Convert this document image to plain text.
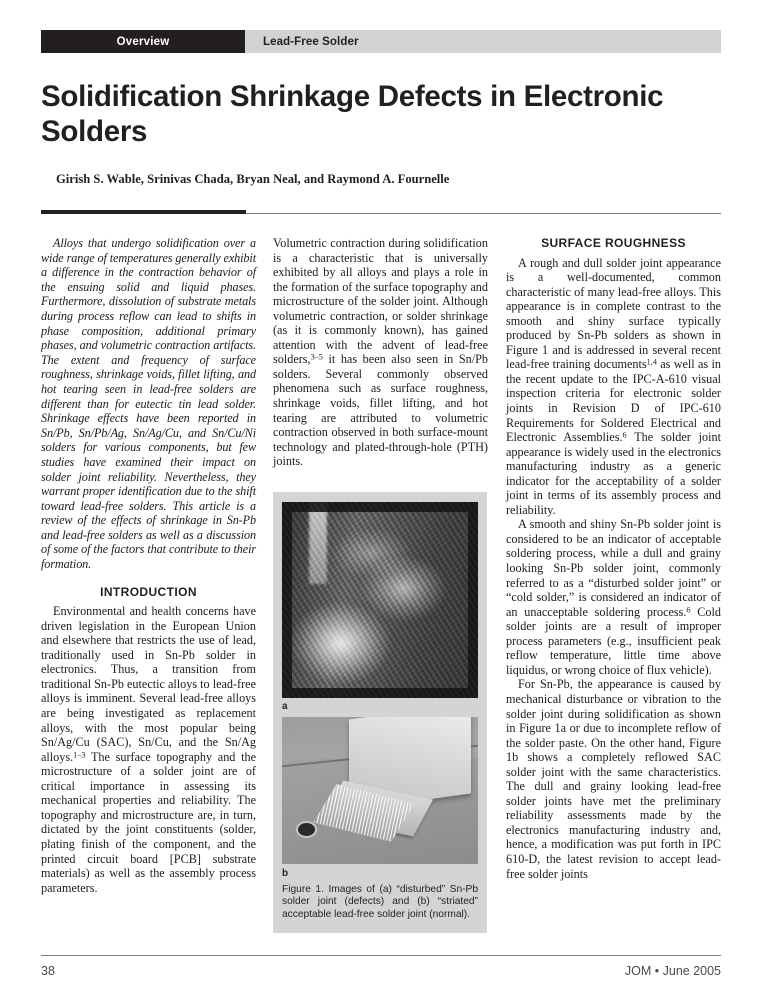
Overview	Lead-Free Solder
Solidification Shrinkage Defects in Electronic Solders
Girish S. Wable, Srinivas Chada, Bryan Neal, and Raymond A. Fournelle

Alloys that undergo solidification over a wide range of temperatures generally exhibit a difference in the contraction behavior of the ensuing solid and liquid phases. Furthermore, dissolution of substrate metals during process reflow can lead to shifts in phase composition, additional primary phases, and volumetric contraction artifacts. The extent and frequency of surface roughness, shrinkage voids, fillet lifting, and hot tearing seen in lead-free solders are different than for eutectic tin lead solder. Shrinkage effects have been reported in Sn/Pb, Sn/Pb/Ag, Sn/Ag/Cu, and Sn/Cu/Ni solders for various components, but few studies have examined their impact on solder joint reliability. Nevertheless, they warrant proper identification due to the shift toward lead-free solders. This article is a review of the effects of shrinkage in Sn-Pb and lead-free solders as well as a discussion of some of the factors that contribute to their formation.

INTRODUCTION

Environmental and health concerns have driven legislation in the European Union and elsewhere that restricts the use of lead, traditionally used in Sn-Pb solder in electronics. Thus, a transition from traditional Sn-Pb eutectic alloys to lead-free alloys is imminent. Several lead-free alloys are being investigated as replacement alloys, with the most popular being Sn/Ag/Cu (SAC), Sn/Cu, and the Sn/Ag alloys.$^{1-3}$ The surface topography and the microstructure of a solder joint are of critical importance in assessing its mechanical properties and reliability. The topography and microstructure are, in turn, dictated by the joint constituents (solder, plating finish of the component, and the printed circuit board [PCB] substrate materials) as well as the assembly process parameters.

Volumetric contraction during solidification is a characteristic that is universally exhibited by all alloys and plays a role in the formation of the surface topography and microstructure of the solder joint. Although volumetric contraction, or solder shrinkage (as it is commonly known), has gained attention with the advent of lead-free solders,$^{3-5}$ it has been also seen in Sn/Pb solders. Several commonly observed phenomena such as surface roughness, shrinkage voids, fillet lifting, and hot tearing are attributed to volumetric contraction observed in both surface-mount technology and plated-through-hole (PTH) joints.

a
b
Figure 1. Images of (a) “disturbed” Sn-Pb solder joint (defects) and (b) “striated” acceptable lead-free solder joint (normal).
SURFACE ROUGHNESS

A rough and dull solder joint appearance is a well-documented, common characteristic of many lead-free alloys. This appearance is in complete contrast to the smooth and shiny surface typically produced by Sn-Pb solders as shown in Figure 1 and is addressed in several recent lead-free training documents$^{1,4}$ as well as in the recent update to the IPC-A-610 visual inspection criteria for electronic solder joints in Revision D of IPC-610 Requirements for Soldered Electrical and Electronic Assemblies.$^6$ The solder joint appearance is widely used in the electronics manufacturing industry as a generic indicator for the acceptability of a solder joint in terms of its assembly process and reliability.

A smooth and shiny Sn-Pb solder joint is considered to be an indicator of acceptable soldering process, while a dull and grainy looking Sn-Pb solder joint, commonly referred to as a “disturbed solder joint” or “cold solder,” is considered an indicator of an unacceptable soldering process.$^6$ Cold solder joints are a result of improper process parameters (e.g., insufficient peak reflow temperature, little time above liquidus, or wrong choice of flux vehicle).

For Sn-Pb, the appearance is caused by mechanical disturbance or vibration to the solder joint during solidification as shown in Figure 1a or due to incomplete reflow of the solder paste. On the other hand, Figure 1b shows a completely reflowed SAC solder joint with the same characteristics. The dull and grainy looking lead-free solder joints have met the preliminary reliability assessments made by the electronics manufacturing industry and, hence, a modification was put forth in IPC 610-D, the latest revision to accept lead-free solder joints

38	JOM • June 2005
